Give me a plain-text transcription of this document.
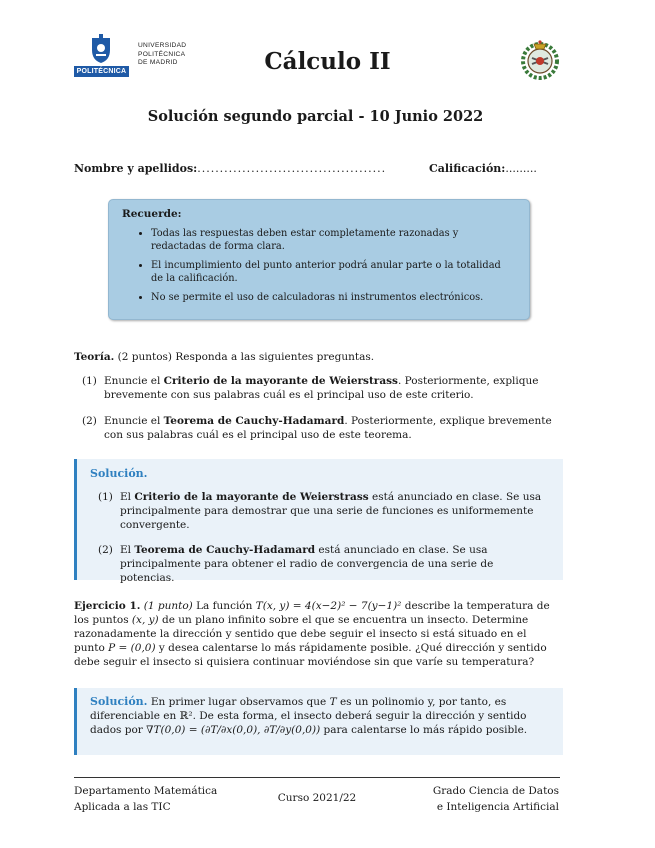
POLITÉCNICA
UNIVERSIDAD
POLITÉCNICA
DE MADRID	Cálculo II
Solución segundo parcial - 10 Junio 2022
Nombre y apellidos:..........................................	Calificación:.........
Recuerde:
• Todas las respuestas deben estar completamente razonadas y redactadas de forma clara.
• El incumplimiento del punto anterior podrá anular parte o la totalidad de la calificación.
• No se permite el uso de calculadoras ni instrumentos electrónicos.
Teoría. (2 puntos) Responda a las siguientes preguntas.
(1) Enuncie el Criterio de la mayorante de Weierstrass. Posteriormente, explique brevemente con sus palabras cuál es el principal uso de este criterio.
(2) Enuncie el Teorema de Cauchy-Hadamard. Posteriormente, explique brevemente con sus palabras cuál es el principal uso de este teorema.
Solución.
(1) El Criterio de la mayorante de Weierstrass está anunciado en clase. Se usa principalmente para demostrar que una serie de funciones es uniformemente convergente.
(2) El Teorema de Cauchy-Hadamard está anunciado en clase. Se usa principalmente para obtener el radio de convergencia de una serie de potencias.
Ejercicio 1. (1 punto) La función T(x, y) = 4(x−2)² − 7(y−1)² describe la temperatura de los puntos (x, y) de un plano infinito sobre el que se encuentra un insecto. Determine razonadamente la dirección y sentido que debe seguir el insecto si está situado en el punto P = (0,0) y desea calentarse lo más rápidamente posible. ¿Qué dirección y sentido debe seguir el insecto si quisiera continuar moviéndose sin que varíe su temperatura?
Solución. En primer lugar observamos que T es un polinomio y, por tanto, es diferenciable en ℝ². De esta forma, el insecto deberá seguir la dirección y sentido dados por ∇T(0,0) = (∂T/∂x(0,0), ∂T/∂y(0,0)) para calentarse lo más rápido posible.
Departamento Matemática
Aplicada a las TIC
Curso 2021/22
Grado Ciencia de Datos
e Inteligencia Artificial
